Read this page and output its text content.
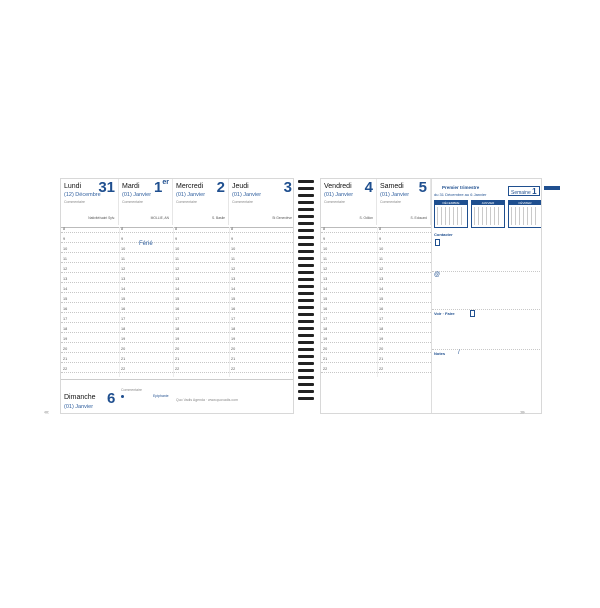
Lundi
(12) Décembre
31
Commentaire
Nativité/saint Sylv.
Mardi
(01) Janvier 1er
Commentaire
MOLLIE, AN
Mercredi
(01) Janvier 2
Commentaire
S. Basile
Jeudi
(01) Janvier 3
Commentaire
St Geneviève
8	8	8	8
9	9	9	9
10	10	10	10
11	11	11	11
12	12	12	12
13	13	13	13
14	14	14	14
15	15	15	15
16	16	16	16
17	17	17	17
18	18	18	18
19	19	19	19
20	20	20	20
21	21	21	21
22	22	22	22
Férié
Dimanche
(01) Janvier 6 Commentaire
Epiphanie
Quo Vadis Agenda · www.quovadis.com
Vendredi
(01) Janvier 4
Commentaire
S. Odilon
Samedi
(01) Janvier 5
Commentaire
S. Edouard
8	8
9	9
10	10
11	11
12	12
13	13
14	14
15	15
16	16
17	17
18	18
19	19
20	20
21	21
22	22
Premier trimestre
du 31 Décembre au 6 Janvier	Semaine 1
DÉCEMBRE	JANVIER	FÉVRIER
Contacter
@
Voir · Faire
Notes /
‹‹‹‹	››››
